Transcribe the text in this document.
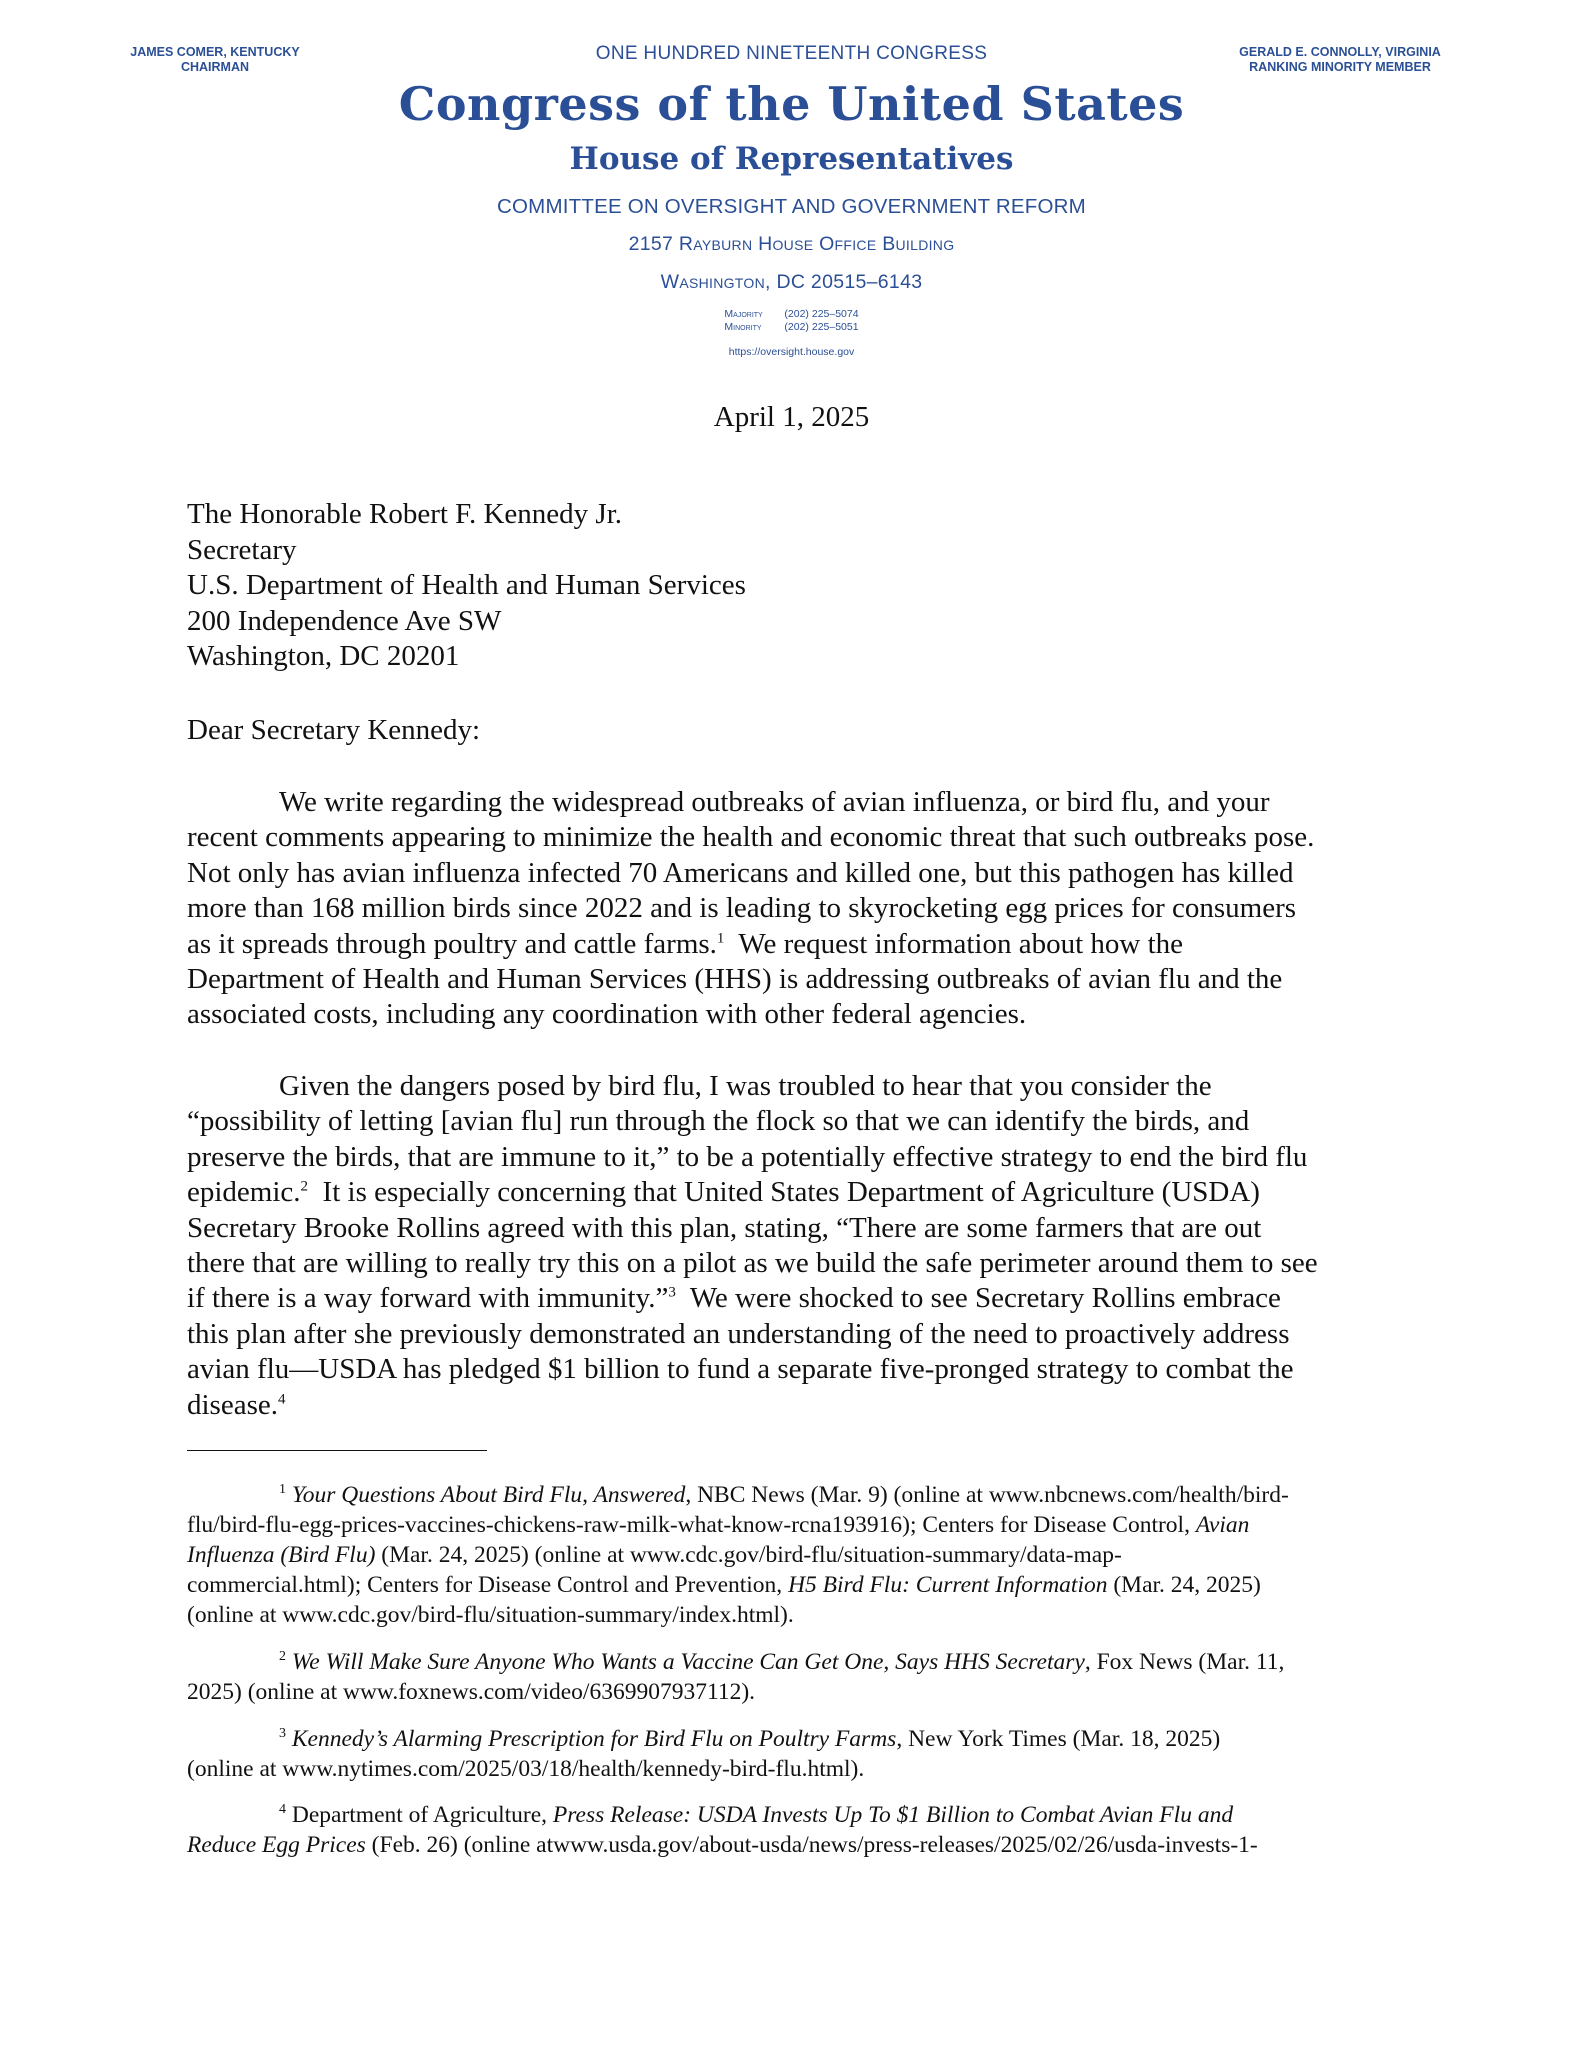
JAMES COMER, KENTUCKY
CHAIRMAN
GERALD E. CONNOLLY, VIRGINIA
RANKING MINORITY MEMBER
ONE HUNDRED NINETEENTH CONGRESS
Congress of the United States
House of Representatives
COMMITTEE ON OVERSIGHT AND GOVERNMENT REFORM
2157 Rayburn House Office Building
Washington, DC 20515–6143
Majority (202) 225–5074
Minority (202) 225–5051
https://oversight.house.gov
April 1, 2025
The Honorable Robert F. Kennedy Jr.
Secretary
U.S. Department of Health and Human Services
200 Independence Ave SW
Washington, DC 20201
Dear Secretary Kennedy:
We write regarding the widespread outbreaks of avian influenza, or bird flu, and your
recent comments appearing to minimize the health and economic threat that such outbreaks pose.
Not only has avian influenza infected 70 Americans and killed one, but this pathogen has killed
more than 168 million birds since 2022 and is leading to skyrocketing egg prices for consumers
as it spreads through poultry and cattle farms.$^1$ We request information about how the
Department of Health and Human Services (HHS) is addressing outbreaks of avian flu and the
associated costs, including any coordination with other federal agencies.
Given the dangers posed by bird flu, I was troubled to hear that you consider the
“possibility of letting [avian flu] run through the flock so that we can identify the birds, and
preserve the birds, that are immune to it,” to be a potentially effective strategy to end the bird flu
epidemic.$^2$ It is especially concerning that United States Department of Agriculture (USDA)
Secretary Brooke Rollins agreed with this plan, stating, “There are some farmers that are out
there that are willing to really try this on a pilot as we build the safe perimeter around them to see
if there is a way forward with immunity.”$^3$ We were shocked to see Secretary Rollins embrace
this plan after she previously demonstrated an understanding of the need to proactively address
avian flu—USDA has pledged $1 billion to fund a separate five-pronged strategy to combat the
disease.$^4$
$^1$ Your Questions About Bird Flu, Answered, NBC News (Mar. 9) (online at www.nbcnews.com/health/bird-
flu/bird-flu-egg-prices-vaccines-chickens-raw-milk-what-know-rcna193916); Centers for Disease Control, Avian
Influenza (Bird Flu) (Mar. 24, 2025) (online at www.cdc.gov/bird-flu/situation-summary/data-map-
commercial.html); Centers for Disease Control and Prevention, H5 Bird Flu: Current Information (Mar. 24, 2025)
(online at www.cdc.gov/bird-flu/situation-summary/index.html).
$^2$ We Will Make Sure Anyone Who Wants a Vaccine Can Get One, Says HHS Secretary, Fox News (Mar. 11,
2025) (online at www.foxnews.com/video/6369907937112).
$^3$ Kennedy’s Alarming Prescription for Bird Flu on Poultry Farms, New York Times (Mar. 18, 2025)
(online at www.nytimes.com/2025/03/18/health/kennedy-bird-flu.html).
$^4$ Department of Agriculture, Press Release: USDA Invests Up To $1 Billion to Combat Avian Flu and
Reduce Egg Prices (Feb. 26) (online atwww.usda.gov/about-usda/news/press-releases/2025/02/26/usda-invests-1-
